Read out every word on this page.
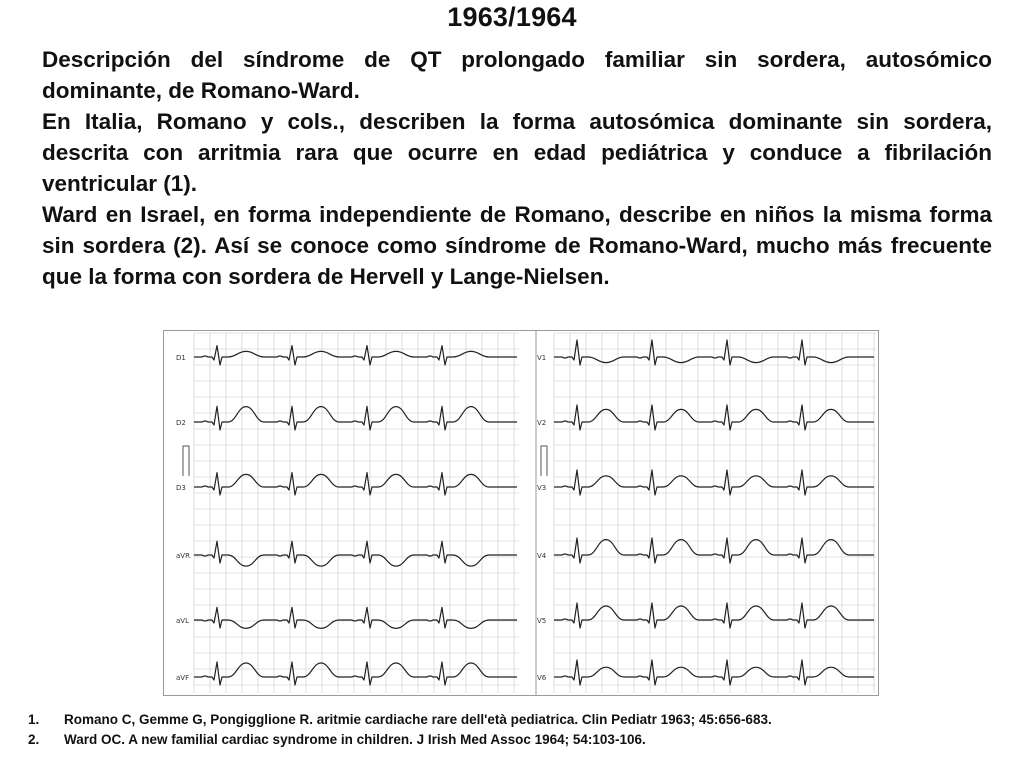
1963/1964

Descripción del síndrome de QT prolongado familiar sin sordera, autosómico dominante, de Romano-Ward.

En Italia, Romano y cols., describen la forma autosómica dominante sin sordera, descrita con arritmia rara que ocurre en edad pediátrica y conduce a fibrilación ventricular (1).

Ward en Israel, en forma independiente de Romano, describe en niños la misma forma sin sordera (2). Así se conoce como síndrome de Romano-Ward, mucho más frecuente que la forma con sordera de Hervell y Lange-Nielsen.

D1
D2
D3
aVR
aVL
aVF
V1
V2
V3
V4
V5
V6
1. Romano C, Gemme G, Pongigglione R. aritmie cardiache rare dell'età pediatrica. Clin Pediatr 1963; 45:656-683.
2. Ward OC. A new familial cardiac syndrome in children. J Irish Med Assoc 1964; 54:103-106.
